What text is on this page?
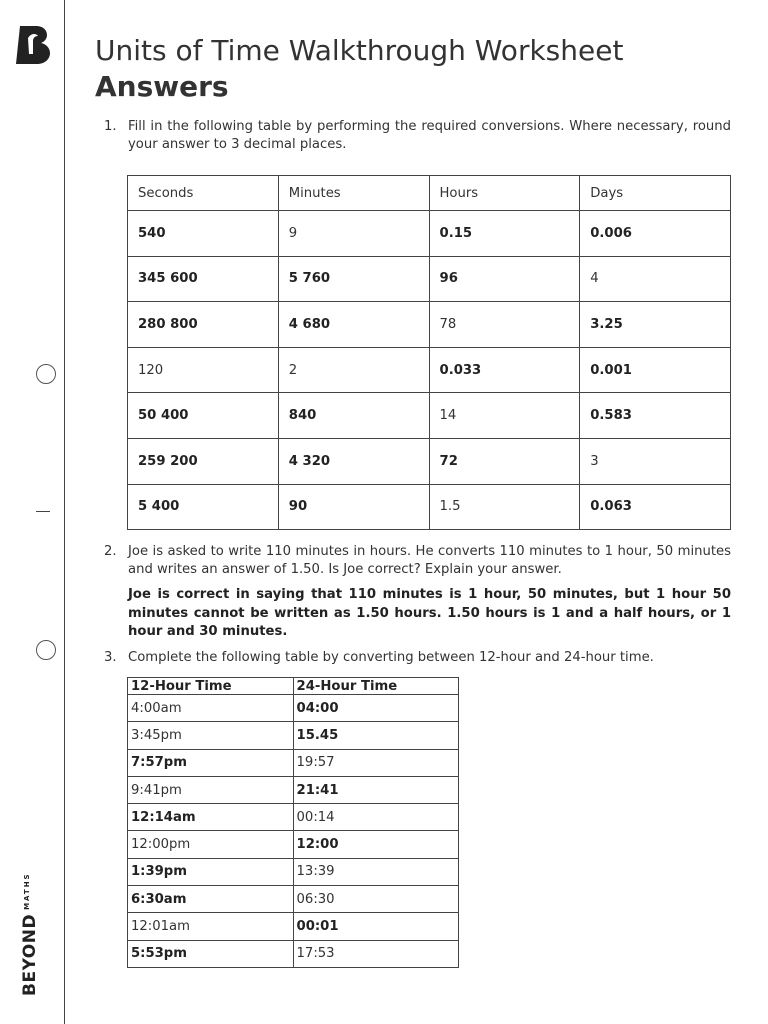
$BEYOND^{MATHS}$
Units of Time Walkthrough Worksheet
Answers
1. Fill in the following table by performing the required conversions. Where necessary, round your answer to 3 decimal places.
Seconds	Minutes	Hours	Days
540	9	0.15	0.006
345 600	5 760	96	4
280 800	4 680	78	3.25
120	2	0.033	0.001
50 400	840	14	0.583
259 200	4 320	72	3
5 400	90	1.5	0.063
2. Joe is asked to write 110 minutes in hours. He converts 110 minutes to 1 hour, 50 minutes and writes an answer of 1.50. Is Joe correct? Explain your answer.
Joe is correct in saying that 110 minutes is 1 hour, 50 minutes, but 1 hour 50 minutes cannot be written as 1.50 hours. 1.50 hours is 1 and a half hours, or 1 hour and 30 minutes.
3. Complete the following table by converting between 12-hour and 24-hour time.
12-Hour Time	24-Hour Time
4:00am	04:00
3:45pm	15.45
7:57pm	19:57
9:41pm	21:41
12:14am	00:14
12:00pm	12:00
1:39pm	13:39
6:30am	06:30
12:01am	00:01
5:53pm	17:53
